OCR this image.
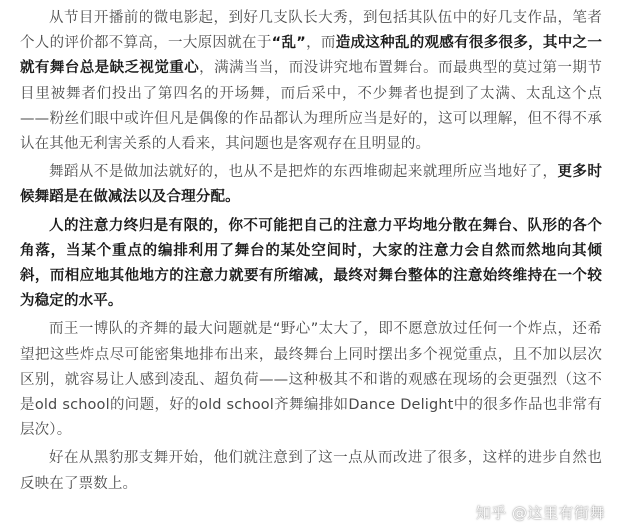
从节目开播前的微电影起，到好几支队长大秀，到包括其队伍中的好几支作品，笔者个人的评价都不算高，一大原因就在于“乱”，而造成这种乱的观感有很多很多，其中之一就有舞台总是缺乏视觉重心，满满当当，而没讲究地布置舞台。而最典型的莫过第一期节目里被舞者们投出了第四名的开场舞，而后采中，不少舞者也提到了太满、太乱这个点——粉丝们眼中或许但凡是偶像的作品都认为理所应当是好的，这可以理解，但不得不承认在其他无利害关系的人看来，其问题也是客观存在且明显的。

舞蹈从不是做加法就好的，也从不是把炸的东西堆砌起来就理所应当地好了，更多时候舞蹈是在做减法以及合理分配。

人的注意力终归是有限的，你不可能把自己的注意力平均地分散在舞台、队形的各个角落，当某个重点的编排利用了舞台的某处空间时，大家的注意力会自然而然地向其倾斜，而相应地其他地方的注意力就要有所缩减，最终对舞台整体的注意始终维持在一个较为稳定的水平。

而王一博队的齐舞的最大问题就是“野心”太大了，即不愿意放过任何一个炸点，还希望把这些炸点尽可能密集地排布出来，最终舞台上同时摆出多个视觉重点，且不加以层次区别，就容易让人感到凌乱、超负荷——这种极其不和谐的观感在现场的会更强烈（这不是old school的问题，好的old school齐舞编排如Dance Delight中的很多作品也非常有层次）。

好在从黑豹那支舞开始，他们就注意到了这一点从而改进了很多，这样的进步自然也反映在了票数上。

知乎 @这里有街舞
